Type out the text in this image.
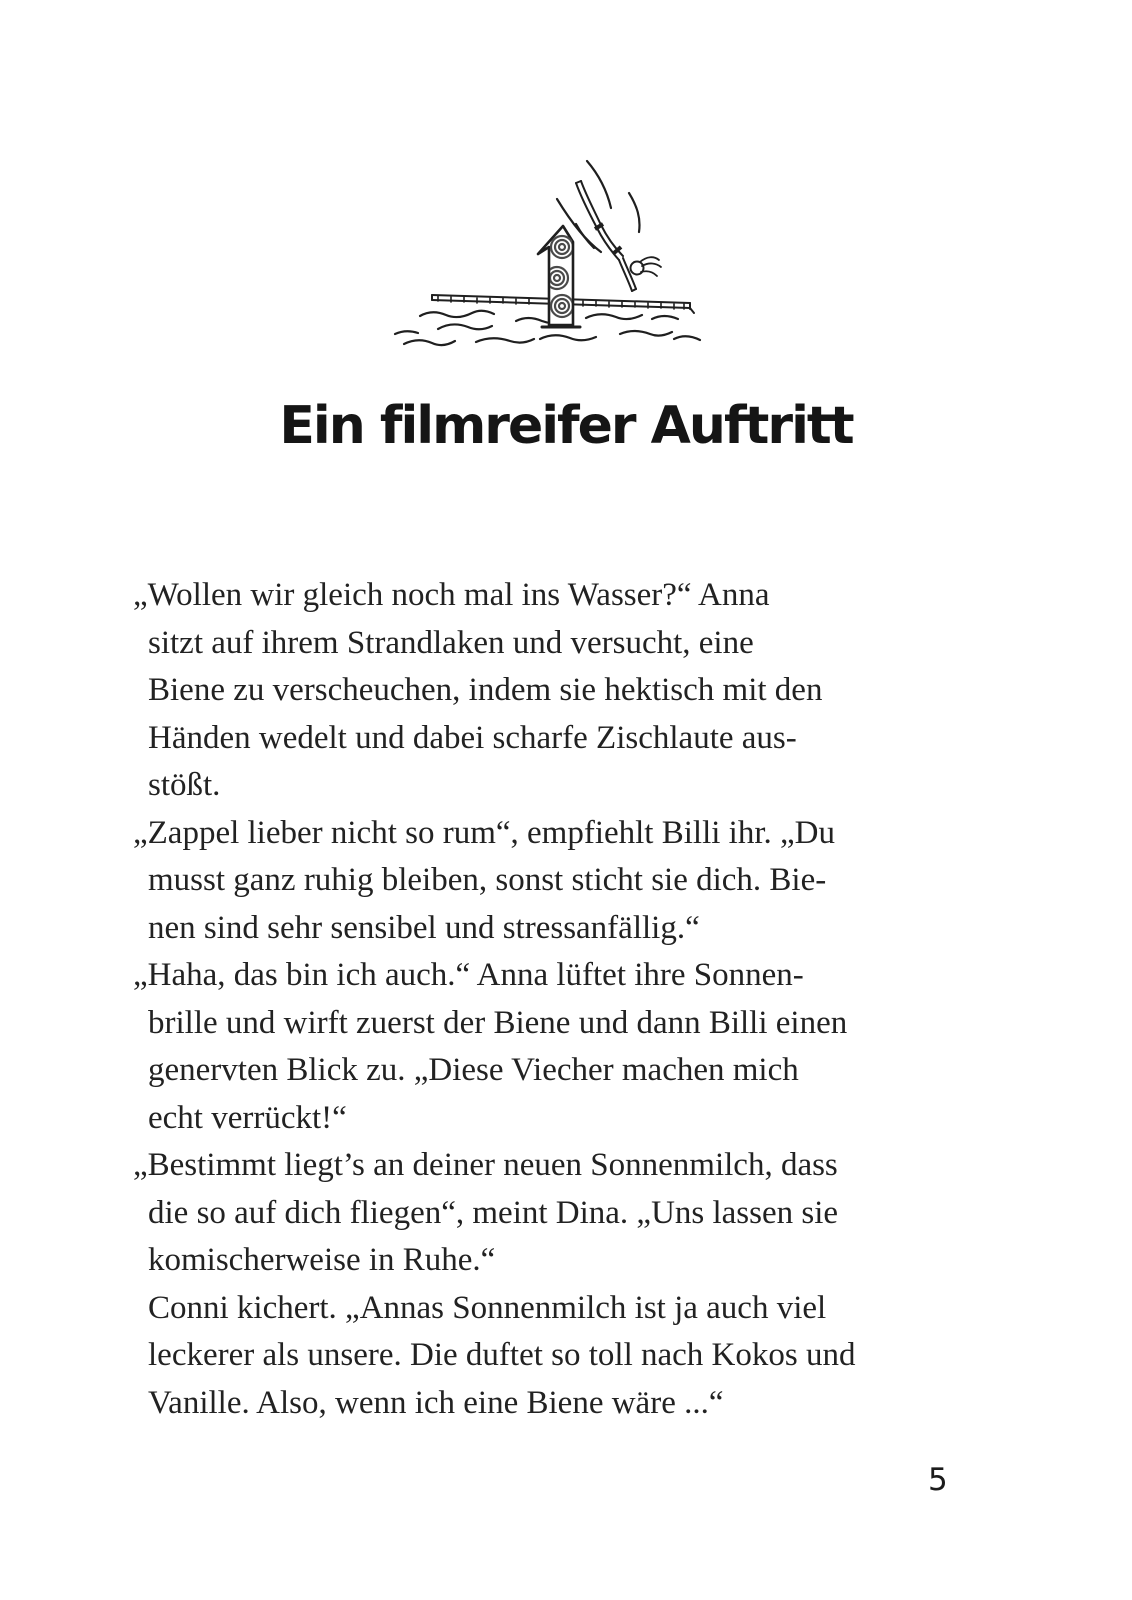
Ein filmreifer Auftritt
„Wollen wir gleich noch mal ins Wasser?“ Anna
sitzt auf ihrem Strandlaken und versucht, eine
Biene zu verscheuchen, indem sie hektisch mit den
Händen wedelt und dabei scharfe Zischlaute aus-
stößt.
„Zappel lieber nicht so rum“, empfiehlt Billi ihr. „Du
musst ganz ruhig bleiben, sonst sticht sie dich. Bie-
nen sind sehr sensibel und stressanfällig.“
„Haha, das bin ich auch.“ Anna lüftet ihre Sonnen-
brille und wirft zuerst der Biene und dann Billi einen
genervten Blick zu. „Diese Viecher machen mich
echt verrückt!“
„Bestimmt liegt’s an deiner neuen Sonnenmilch, dass
die so auf dich fliegen“, meint Dina. „Uns lassen sie
komischerweise in Ruhe.“
Conni kichert. „Annas Sonnenmilch ist ja auch viel
leckerer als unsere. Die duftet so toll nach Kokos und
Vanille. Also, wenn ich eine Biene wäre ...“
5
